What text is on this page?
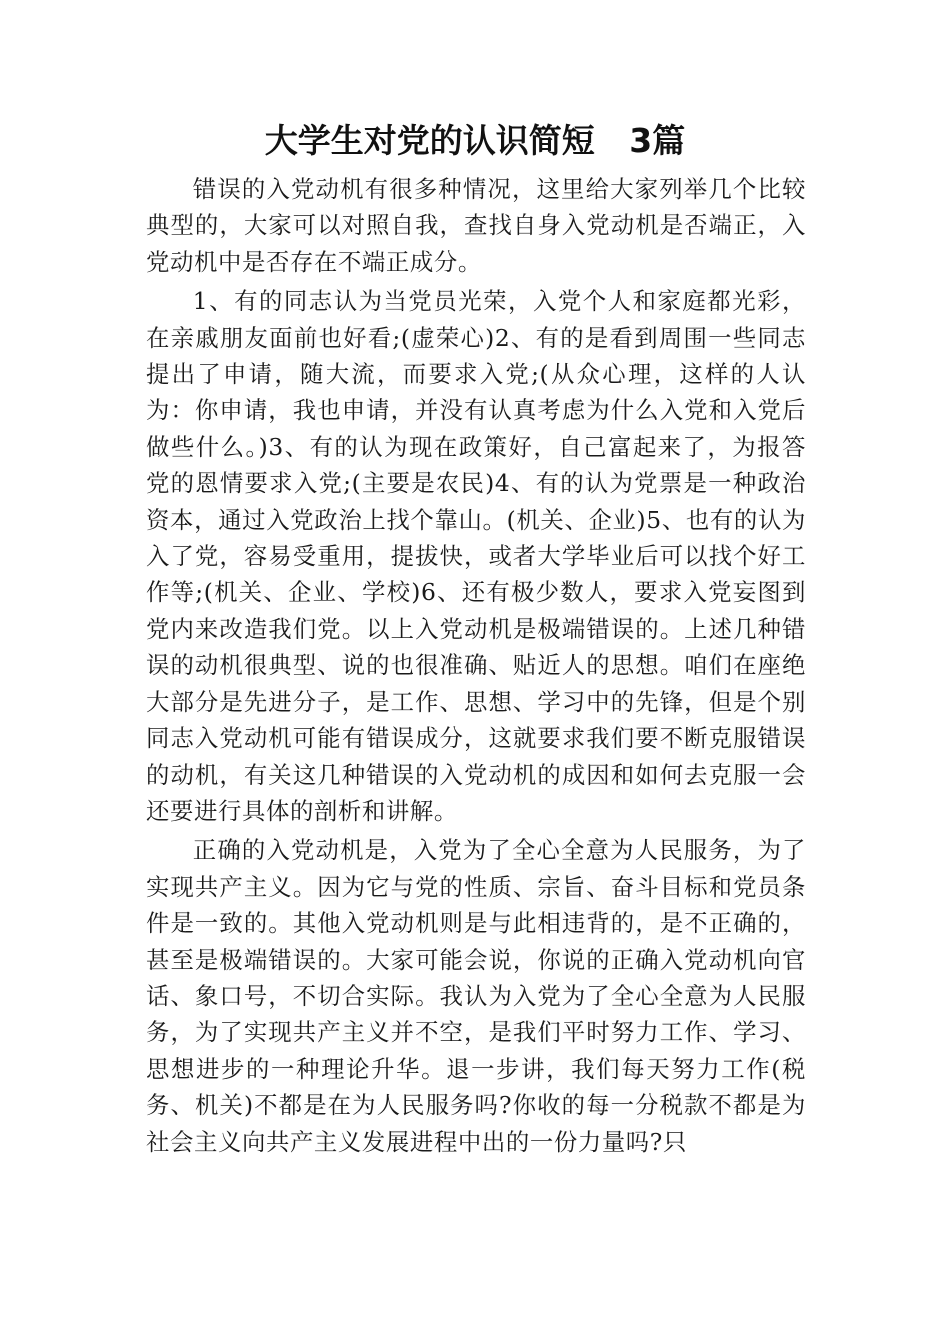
大学生对党的认识简短   3篇

错误的入党动机有很多种情况，这里给大家列举几个比较典型的，大家可以对照自我，查找自身入党动机是否端正，入党动机中是否存在不端正成分。

1、有的同志认为当党员光荣，入党个人和家庭都光彩，在亲戚朋友面前也好看;(虚荣心)2、有的是看到周围一些同志提出了申请，随大流，而要求入党;(从众心理，这样的人认为：你申请，我也申请，并没有认真考虑为什么入党和入党后做些什么。)3、有的认为现在政策好，自己富起来了，为报答党的恩情要求入党;(主要是农民)4、有的认为党票是一种政治资本，通过入党政治上找个靠山。(机关、企业)5、也有的认为入了党，容易受重用，提拔快，或者大学毕业后可以找个好工作等;(机关、企业、学校)6、还有极少数人，要求入党妄图到党内来改造我们党。以上入党动机是极端错误的。上述几种错误的动机很典型、说的也很准确、贴近人的思想。咱们在座绝大部分是先进分子，是工作、思想、学习中的先锋，但是个别同志入党动机可能有错误成分，这就要求我们要不断克服错误的动机，有关这几种错误的入党动机的成因和如何去克服一会还要进行具体的剖析和讲解。

正确的入党动机是，入党为了全心全意为人民服务，为了实现共产主义。因为它与党的性质、宗旨、奋斗目标和党员条件是一致的。其他入党动机则是与此相违背的，是不正确的，甚至是极端错误的。大家可能会说，你说的正确入党动机向官话、象口号，不切合实际。我认为入党为了全心全意为人民服务，为了实现共产主义并不空，是我们平时努力工作、学习、思想进步的一种理论升华。退一步讲，我们每天努力工作(税务、机关)不都是在为人民服务吗?你收的每一分税款不都是为社会主义向共产主义发展进程中出的一份力量吗?只
